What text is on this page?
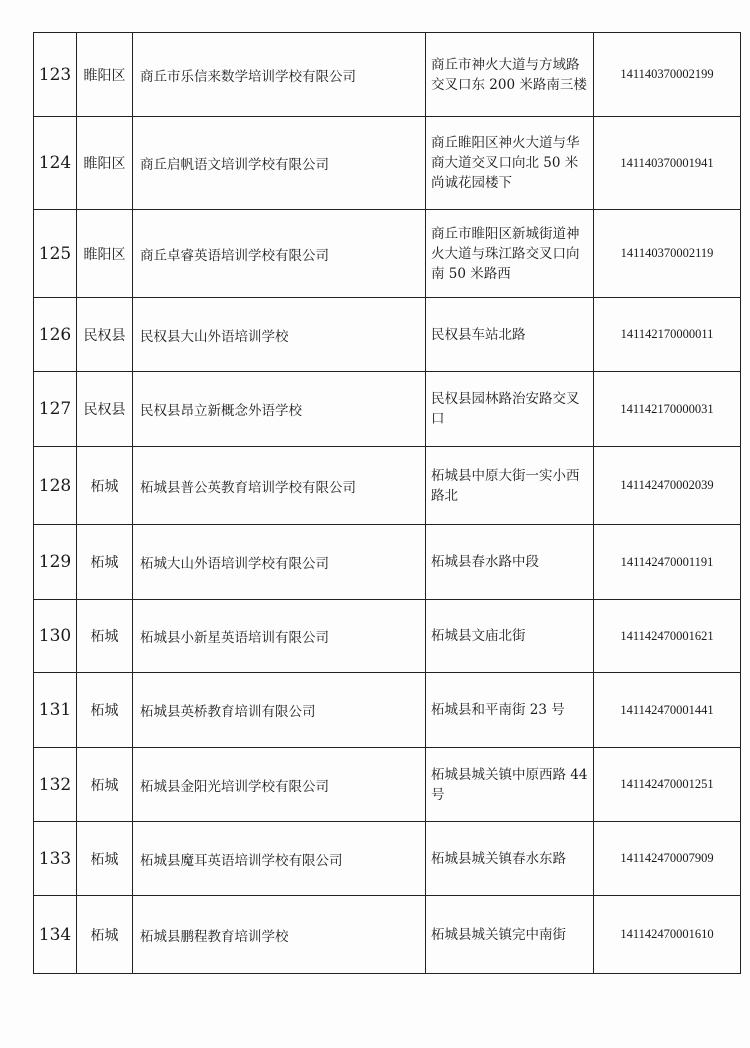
123	睢阳区	商丘市乐信来数学培训学校有限公司	商丘市神火大道与方域路交叉口东 200 米路南三楼	141140370002199
124	睢阳区	商丘启帆语文培训学校有限公司	商丘睢阳区神火大道与华商大道交叉口向北 50 米尚诚花园楼下	141140370001941
125	睢阳区	商丘卓睿英语培训学校有限公司	商丘市睢阳区新城街道神火大道与珠江路交叉口向南 50 米路西	141140370002119
126	民权县	民权县大山外语培训学校	民权县车站北路	141142170000011
127	民权县	民权县昂立新概念外语学校	民权县园林路治安路交叉口	141142170000031
128	柘城	柘城县普公英教育培训学校有限公司	柘城县中原大街一实小西路北	141142470002039
129	柘城	柘城大山外语培训学校有限公司	柘城县春水路中段	141142470001191
130	柘城	柘城县小新星英语培训有限公司	柘城县文庙北街	141142470001621
131	柘城	柘城县英桥教育培训有限公司	柘城县和平南街 23 号	141142470001441
132	柘城	柘城县金阳光培训学校有限公司	柘城县城关镇中原西路 44 号	141142470001251
133	柘城	柘城县魔耳英语培训学校有限公司	柘城县城关镇春水东路	141142470007909
134	柘城	柘城县鹏程教育培训学校	柘城县城关镇完中南街	141142470001610
